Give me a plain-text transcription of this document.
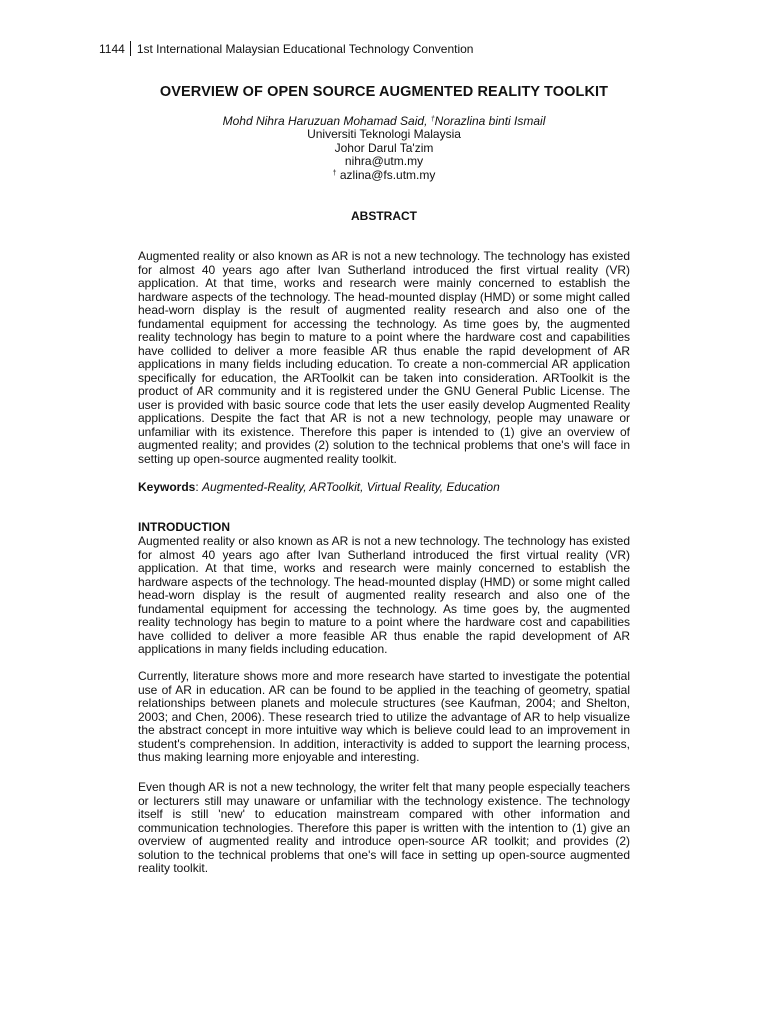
1144 1st International Malaysian Educational Technology Convention
OVERVIEW OF OPEN SOURCE AUGMENTED REALITY TOOLKIT
Mohd Nihra Haruzuan Mohamad Said, †Norazlina binti Ismail
Universiti Teknologi Malaysia
Johor Darul Ta'zim
nihra@utm.my
† azlina@fs.utm.my
ABSTRACT

Augmented reality or also known as AR is not a new technology. The technology has existed for almost 40 years ago after Ivan Sutherland introduced the first virtual reality (VR) application. At that time, works and research were mainly concerned to establish the hardware aspects of the technology. The head-mounted display (HMD) or some might called head-worn display is the result of augmented reality research and also one of the fundamental equipment for accessing the technology. As time goes by, the augmented reality technology has begin to mature to a point where the hardware cost and capabilities have collided to deliver a more feasible AR thus enable the rapid development of AR applications in many fields including education. To create a non-commercial AR application specifically for education, the ARToolkit can be taken into consideration. ARToolkit is the product of AR community and it is registered under the GNU General Public License. The user is provided with basic source code that lets the user easily develop Augmented Reality applications. Despite the fact that AR is not a new technology, people may unaware or unfamiliar with its existence. Therefore this paper is intended to (1) give an overview of augmented reality; and provides (2) solution to the technical problems that one's will face in setting up open-source augmented reality toolkit.

Keywords: Augmented-Reality, ARToolkit, Virtual Reality, Education

INTRODUCTION

Augmented reality or also known as AR is not a new technology. The technology has existed for almost 40 years ago after Ivan Sutherland introduced the first virtual reality (VR) application. At that time, works and research were mainly concerned to establish the hardware aspects of the technology. The head-mounted display (HMD) or some might called head-worn display is the result of augmented reality research and also one of the fundamental equipment for accessing the technology. As time goes by, the augmented reality technology has begin to mature to a point where the hardware cost and capabilities have collided to deliver a more feasible AR thus enable the rapid development of AR applications in many fields including education.

Currently, literature shows more and more research have started to investigate the potential use of AR in education. AR can be found to be applied in the teaching of geometry, spatial relationships between planets and molecule structures (see Kaufman, 2004; and Shelton, 2003; and Chen, 2006). These research tried to utilize the advantage of AR to help visualize the abstract concept in more intuitive way which is believe could lead to an improvement in student's comprehension. In addition, interactivity is added to support the learning process, thus making learning more enjoyable and interesting.

Even though AR is not a new technology, the writer felt that many people especially teachers or lecturers still may unaware or unfamiliar with the technology existence. The technology itself is still 'new' to education mainstream compared with other information and communication technologies. Therefore this paper is written with the intention to (1) give an overview of augmented reality and introduce open-source AR toolkit; and provides (2) solution to the technical problems that one's will face in setting up open-source augmented reality toolkit.
